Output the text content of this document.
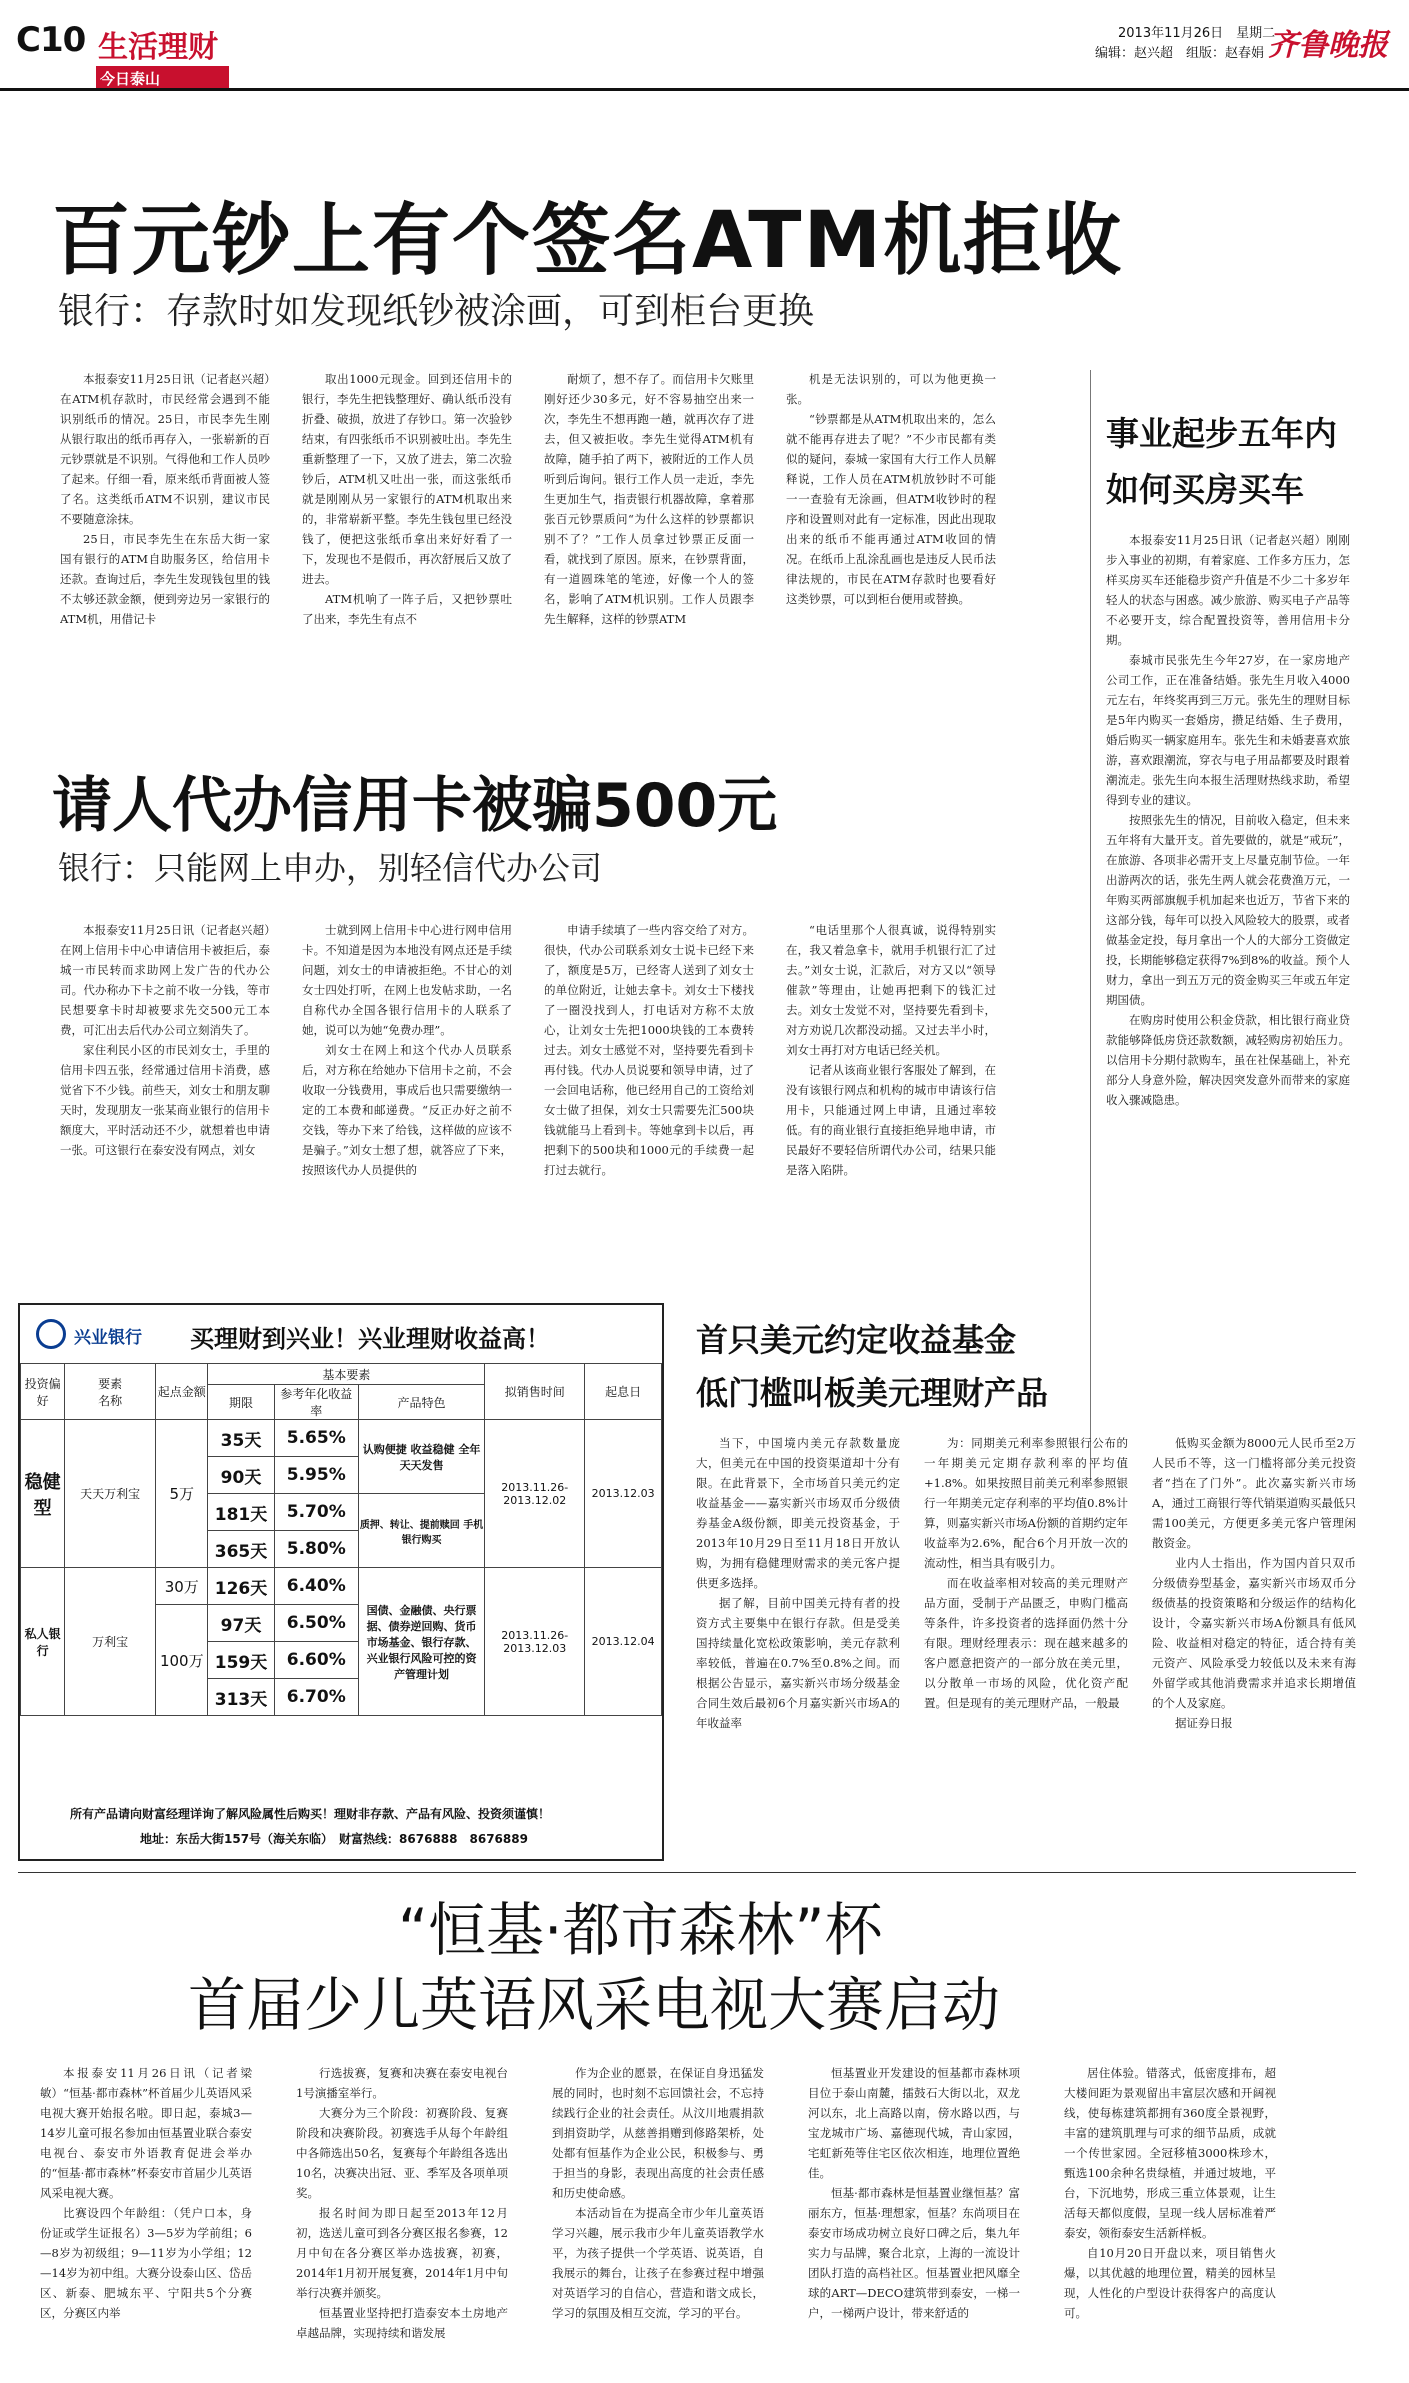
C10 生活理财
今日泰山
2013年11月26日　星期二
编辑：赵兴超　组版：赵春娟 齐鲁晚报
百元钞上有个签名ATM机拒收
银行：存款时如发现纸钞被涂画，可到柜台更换

本报泰安11月25日讯（记者赵兴超）在ATM机存款时，市民经常会遇到不能识别纸币的情况。25日，市民李先生刚从银行取出的纸币再存入，一张崭新的百元钞票就是不识别。气得他和工作人员吵了起来。仔细一看，原来纸币背面被人签了名。这类纸币ATM不识别，建议市民不要随意涂抹。

25日，市民李先生在东岳大街一家国有银行的ATM自助服务区，给信用卡还款。查询过后，李先生发现钱包里的钱不太够还款金额，便到旁边另一家银行的ATM机，用借记卡

取出1000元现金。回到还信用卡的银行，李先生把钱整理好、确认纸币没有折叠、破损，放进了存钞口。第一次验钞结束，有四张纸币不识别被吐出。李先生重新整理了一下，又放了进去，第二次验钞后，ATM机又吐出一张，而这张纸币就是刚刚从另一家银行的ATM机取出来的，非常崭新平整。李先生钱包里已经没钱了，便把这张纸币拿出来好好看了一下，发现也不是假币，再次舒展后又放了进去。

ATM机响了一阵子后，又把钞票吐了出来，李先生有点不

耐烦了，想不存了。而信用卡欠账里刚好还少30多元，好不容易抽空出来一次，李先生不想再跑一趟，就再次存了进去，但又被拒收。李先生觉得ATM机有故障，随手拍了两下，被附近的工作人员听到后询问。银行工作人员一走近，李先生更加生气，指责银行机器故障，拿着那张百元钞票质问“为什么这样的钞票都识别不了？”工作人员拿过钞票正反面一看，就找到了原因。原来，在钞票背面，有一道圆珠笔的笔迹，好像一个人的签名，影响了ATM机识别。工作人员跟李先生解释，这样的钞票ATM

机是无法识别的，可以为他更换一张。

“钞票都是从ATM机取出来的，怎么就不能再存进去了呢？”不少市民都有类似的疑问，泰城一家国有大行工作人员解释说，工作人员在ATM机放钞时不可能一一查验有无涂画，但ATM收钞时的程序和设置则对此有一定标准，因此出现取出来的纸币不能再通过ATM收回的情况。在纸币上乱涂乱画也是违反人民币法律法规的，市民在ATM存款时也要看好这类钞票，可以到柜台便用或替换。

请人代办信用卡被骗500元
银行：只能网上申办，别轻信代办公司

本报泰安11月25日讯（记者赵兴超）在网上信用卡中心申请信用卡被拒后，泰城一市民转而求助网上发广告的代办公司。代办称办下卡之前不收一分钱，等市民想要拿卡时却被要求先交500元工本费，可汇出去后代办公司立刻消失了。

家住利民小区的市民刘女士，手里的信用卡四五张，经常通过信用卡消费，感觉省下不少钱。前些天，刘女士和朋友聊天时，发现朋友一张某商业银行的信用卡额度大，平时活动还不少，就想着也申请一张。可这银行在泰安没有网点，刘女

士就到网上信用卡中心进行网申信用卡。不知道是因为本地没有网点还是手续问题，刘女士的申请被拒绝。不甘心的刘女士四处打听，在网上也发帖求助，一名自称代办全国各银行信用卡的人联系了她，说可以为她“免费办理”。

刘女士在网上和这个代办人员联系后，对方称在给她办下信用卡之前，不会收取一分钱费用，事成后也只需要缴纳一定的工本费和邮递费。“反正办好之前不交钱，等办下来了给钱，这样做的应该不是骗子。”刘女士想了想，就答应了下来，按照该代办人员提供的

申请手续填了一些内容交给了对方。很快，代办公司联系刘女士说卡已经下来了，额度是5万，已经寄人送到了刘女士的单位附近，让她去拿卡。刘女士下楼找了一圈没找到人，打电话对方称不太放心，让刘女士先把1000块钱的工本费转过去。刘女士感觉不对，坚持要先看到卡再付钱。代办人员说要和领导申请，过了一会回电话称，他已经用自己的工资给刘女士做了担保，刘女士只需要先汇500块钱就能马上看到卡。等她拿到卡以后，再把剩下的500块和1000元的手续费一起打过去就行。

“电话里那个人很真诚，说得特别实在，我又着急拿卡，就用手机银行汇了过去。”刘女士说，汇款后，对方又以“领导催款”等理由，让她再把剩下的钱汇过去。刘女士发觉不对，坚持要先看到卡，对方劝说几次都没动摇。又过去半小时，刘女士再打对方电话已经关机。

记者从该商业银行客服处了解到，在没有该银行网点和机构的城市申请该行信用卡，只能通过网上申请，且通过率较低。有的商业银行直接拒绝异地申请，市民最好不要轻信所谓代办公司，结果只能是落入陷阱。

事业起步五年内
如何买房买车

本报泰安11月25日讯（记者赵兴超）刚刚步入事业的初期，有着家庭、工作多方压力，怎样买房买车还能稳步资产升值是不少二十多岁年轻人的状态与困惑。减少旅游、购买电子产品等不必要开支，综合配置投资等，善用信用卡分期。

泰城市民张先生今年27岁，在一家房地产公司工作，正在准备结婚。张先生月收入4000元左右，年终奖再到三万元。张先生的理财目标是5年内购买一套婚房，攒足结婚、生子费用，婚后购买一辆家庭用车。张先生和未婚妻喜欢旅游，喜欢跟潮流，穿衣与电子用品都要及时跟着潮流走。张先生向本报生活理财热线求助，希望得到专业的建议。

按照张先生的情况，目前收入稳定，但未来五年将有大量开支。首先要做的，就是“戒玩”，在旅游、各项非必需开支上尽量克制节俭。一年出游两次的话，张先生两人就会花费渔万元，一年购买两部旗舰手机加起来也近万，节省下来的这部分钱，每年可以投入风险较大的股票，或者做基金定投，每月拿出一个人的大部分工资做定投，长期能够稳定获得7%到8%的收益。预个人财力，拿出一到五万元的资金购买三年或五年定期国债。

在购房时使用公积金贷款，相比银行商业贷款能够降低房贷还款数额，减轻购房初始压力。以信用卡分期付款购车，虽在社保基础上，补充部分人身意外险，解决因突发意外而带来的家庭收入骤减隐患。

兴业银行 买理财到兴业！兴业理财收益高！
投资偏好	要素
名称	起点金额	基本要素			拟销售时间	起息日
			期限	参考年化收益率	产品特色		
稳健型	天天万利宝	5万	35天	5.65%	认购便捷 收益稳健 全年天天发售	2013.11.26-2013.12.02	2013.12.03
			90天	5.95%			
			181天	5.70%	质押、转让、提前赎回 手机银行购买		
			365天	5.80%			
私人银行	万利宝	30万	126天	6.40%	国债、金融债、央行票据、债券逆回购、货币市场基金、银行存款、兴业银行风险可控的资产管理计划	2013.11.26-2013.12.03	2013.12.04
		100万	97天	6.50%			
			159天	6.60%			
			313天	6.70%			
所有产品请向财富经理详询了解风险属性后购买！理财非存款、产品有风险、投资须谨慎！
地址：东岳大街157号（海关东临）　财富热线：8676888　8676889
首只美元约定收益基金
低门槛叫板美元理财产品

当下，中国境内美元存款数量庞大，但美元在中国的投资渠道却十分有限。在此背景下，全市场首只美元约定收益基金——嘉实新兴市场双币分级债券基金A级份额，即美元投资基金，于2013年10月29日至11月18日开放认购，为拥有稳健理财需求的美元客户提供更多选择。

据了解，目前中国美元持有者的投资方式主要集中在银行存款。但是受美国持续量化宽松政策影响，美元存款利率较低，普遍在0.7%至0.8%之间。而根据公告显示，嘉实新兴市场分级基金合同生效后最初6个月嘉实新兴市场A的年收益率

为：同期美元利率参照银行公布的一年期美元定期存款利率的平均值+1.8%。如果按照目前美元利率参照银行一年期美元定存利率的平均值0.8%计算，则嘉实新兴市场A份额的首期约定年收益率为2.6%，配合6个月开放一次的流动性，相当具有吸引力。

而在收益率相对较高的美元理财产品方面，受制于产品匮乏，申购门槛高等条件，许多投资者的选择面仍然十分有限。理财经理表示：现在越来越多的客户愿意把资产的一部分放在美元里，以分散单一市场的风险，优化资产配置。但是现有的美元理财产品，一般最

低购买金额为8000元人民币至2万人民币不等，这一门槛将部分美元投资者“挡在了门外”。此次嘉实新兴市场A，通过工商银行等代销渠道购买最低只需100美元，方便更多美元客户管理闲散资金。

业内人士指出，作为国内首只双币分级债券型基金，嘉实新兴市场双币分级债基的投资策略和分级运作的结构化设计，令嘉实新兴市场A份额具有低风险、收益相对稳定的特征，适合持有美元资产、风险承受力较低以及未来有海外留学或其他消费需求并追求长期增值的个人及家庭。

据证券日报

“恒基·都市森林”杯
首届少儿英语风采电视大赛启动

本报泰安11月26日讯（记者梁敏）“恒基·都市森林”杯首届少儿英语风采电视大赛开始报名啦。即日起，泰城3—14岁儿童可报名参加由恒基置业联合泰安电视台、泰安市外语教育促进会举办的“恒基·都市森林”杯泰安市首届少儿英语风采电视大赛。

比赛设四个年龄组：（凭户口本，身份证或学生证报名）3—5岁为学前组；6—8岁为初级组；9—11岁为小学组；12—14岁为初中组。大赛分设泰山区、岱岳区、新泰、肥城东平、宁阳共5个分赛区，分赛区内举

行选拔赛，复赛和决赛在泰安电视台1号演播室举行。

大赛分为三个阶段：初赛阶段、复赛阶段和决赛阶段。初赛选手从每个年龄组中各筛选出50名，复赛每个年龄组各选出10名，决赛决出冠、亚、季军及各项单项奖。

报名时间为即日起至2013年12月初，选送儿童可到各分赛区报名参赛，12月中旬在各分赛区举办选拔赛，初赛，2014年1月初开展复赛，2014年1月中旬举行决赛并颁奖。

恒基置业坚持把打造泰安本土房地产卓越品牌，实现持续和谐发展

作为企业的愿景，在保证自身迅猛发展的同时，也时刻不忘回馈社会，不忘持续践行企业的社会责任。从汶川地震捐款到捐资助学，从慈善捐赠到修路架桥，处处都有恒基作为企业公民，积极参与、勇于担当的身影，表现出高度的社会责任感和历史使命感。

本活动旨在为提高全市少年儿童英语学习兴趣，展示我市少年儿童英语教学水平，为孩子提供一个学英语、说英语，自我展示的舞台，让孩子在参赛过程中增强对英语学习的自信心，营造和谐文成长，学习的氛围及相互交流，学习的平台。

恒基置业开发建设的恒基都市森林项目位于泰山南麓，擂鼓石大街以北，双龙河以东，北上高路以南，傍水路以西，与宝龙城市广场、嘉德现代城，青山家园，宅虹新苑等住宅区依次相连，地理位置绝佳。

恒基·都市森林是恒基置业继恒基？富丽东方，恒基·理想家，恒基？东尚项目在泰安市场成功树立良好口碑之后，集九年实力与品牌，聚合北京，上海的一流设计团队打造的高档社区。恒基置业把风靡全球的ART—DECO建筑带到泰安，一梯一户，一梯两户设计，带来舒适的

居住体验。错落式，低密度排布，超大楼间距为景观留出丰富层次感和开阔视线，使每栋建筑都拥有360度全景视野，丰富的建筑肌理与可求的细节品质，成就一个传世家园。全冠移植3000株珍木，甄选100余种名贵绿植，并通过坡地，平台，下沉地势，形成三重立体景观，让生活每天都似度假，呈现一线人居标准着严泰安，领衔泰安生活新样板。

自10月20日开盘以来，项目销售火爆，以其优越的地理位置，精美的园林呈现，人性化的户型设计获得客户的高度认可。
